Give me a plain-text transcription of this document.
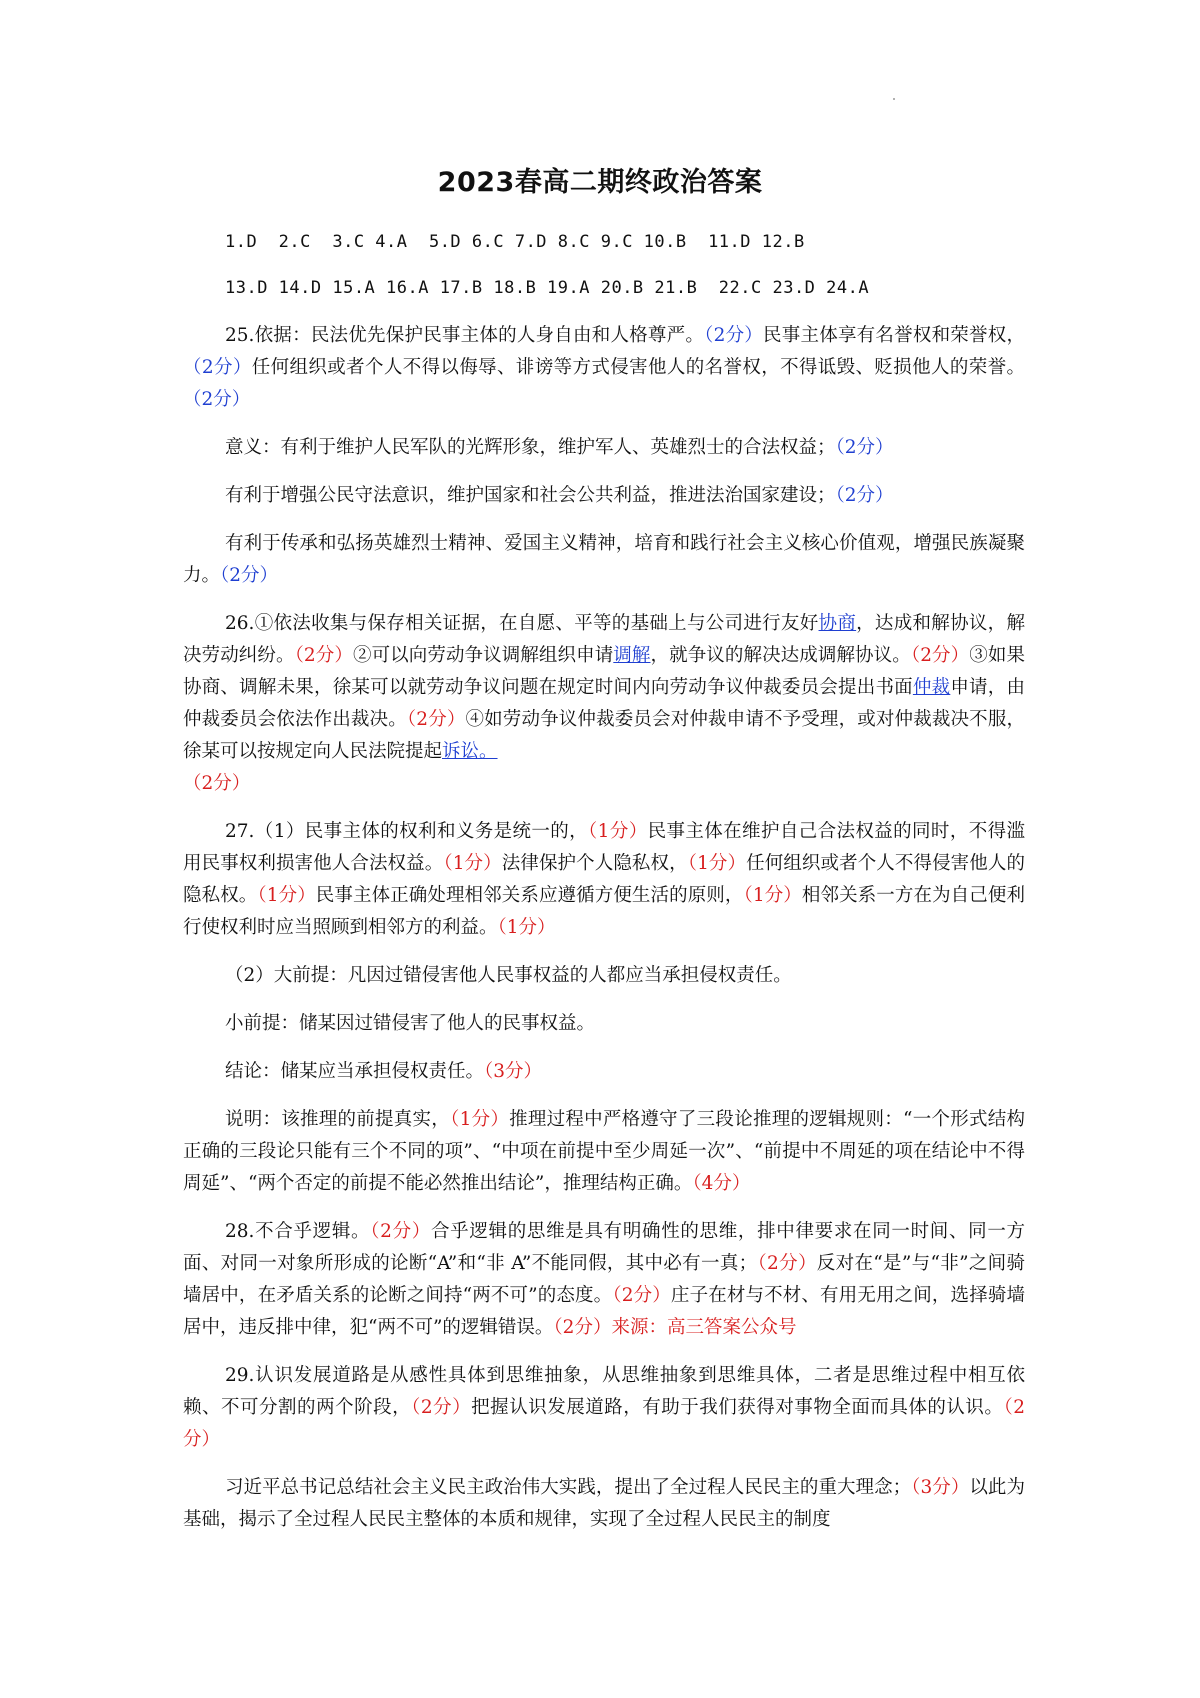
2023春高二期终政治答案

1.D  2.C  3.C 4.A  5.D 6.C 7.D 8.C 9.C 10.B  11.D 12.B

13.D 14.D 15.A 16.A 17.B 18.B 19.A 20.B 21.B  22.C 23.D 24.A

25.依据：民法优先保护民事主体的人身自由和人格尊严。（2分）民事主体享有名誉权和荣誉权，（2分）任何组织或者个人不得以侮辱、诽谤等方式侵害他人的名誉权，不得诋毁、贬损他人的荣誉。（2分）

意义：有利于维护人民军队的光辉形象，维护军人、英雄烈士的合法权益；（2分）

有利于增强公民守法意识，维护国家和社会公共利益，推进法治国家建设；（2分）

有利于传承和弘扬英雄烈士精神、爱国主义精神，培育和践行社会主义核心价值观，增强民族凝聚力。（2分）

26.①依法收集与保存相关证据，在自愿、平等的基础上与公司进行友好协商，达成和解协议，解决劳动纠纷。（2分）②可以向劳动争议调解组织申请调解，就争议的解决达成调解协议。（2分）③如果协商、调解未果，徐某可以就劳动争议问题在规定时间内向劳动争议仲裁委员会提出书面仲裁申请，由仲裁委员会依法作出裁决。（2分）④如劳动争议仲裁委员会对仲裁申请不予受理，或对仲裁裁决不服，徐某可以按规定向人民法院提起诉讼。
（2分）

27.（1）民事主体的权利和义务是统一的，（1分）民事主体在维护自己合法权益的同时，不得滥用民事权利损害他人合法权益。（1分）法律保护个人隐私权，（1分）任何组织或者个人不得侵害他人的隐私权。（1分）民事主体正确处理相邻关系应遵循方便生活的原则，（1分）相邻关系一方在为自己便利行使权利时应当照顾到相邻方的利益。（1分）

（2）大前提：凡因过错侵害他人民事权益的人都应当承担侵权责任。

小前提：储某因过错侵害了他人的民事权益。

结论：储某应当承担侵权责任。（3分）

说明：该推理的前提真实，（1分）推理过程中严格遵守了三段论推理的逻辑规则：“一个形式结构正确的三段论只能有三个不同的项”、“中项在前提中至少周延一次”、“前提中不周延的项在结论中不得周延”、“两个否定的前提不能必然推出结论”，推理结构正确。（4分）

28.不合乎逻辑。（2分）合乎逻辑的思维是具有明确性的思维，排中律要求在同一时间、同一方面、对同一对象所形成的论断“A”和“非 A”不能同假，其中必有一真；（2分）反对在“是”与“非”之间骑墙居中，在矛盾关系的论断之间持“两不可”的态度。（2分）庄子在材与不材、有用无用之间，选择骑墙居中，违反排中律，犯“两不可”的逻辑错误。（2分）来源：高三答案公众号

29.认识发展道路是从感性具体到思维抽象，从思维抽象到思维具体，二者是思维过程中相互依赖、不可分割的两个阶段，（2分）把握认识发展道路，有助于我们获得对事物全面而具体的认识。（2分）

习近平总书记总结社会主义民主政治伟大实践，提出了全过程人民民主的重大理念；（3分）以此为基础，揭示了全过程人民民主整体的本质和规律，实现了全过程人民民主的制度
